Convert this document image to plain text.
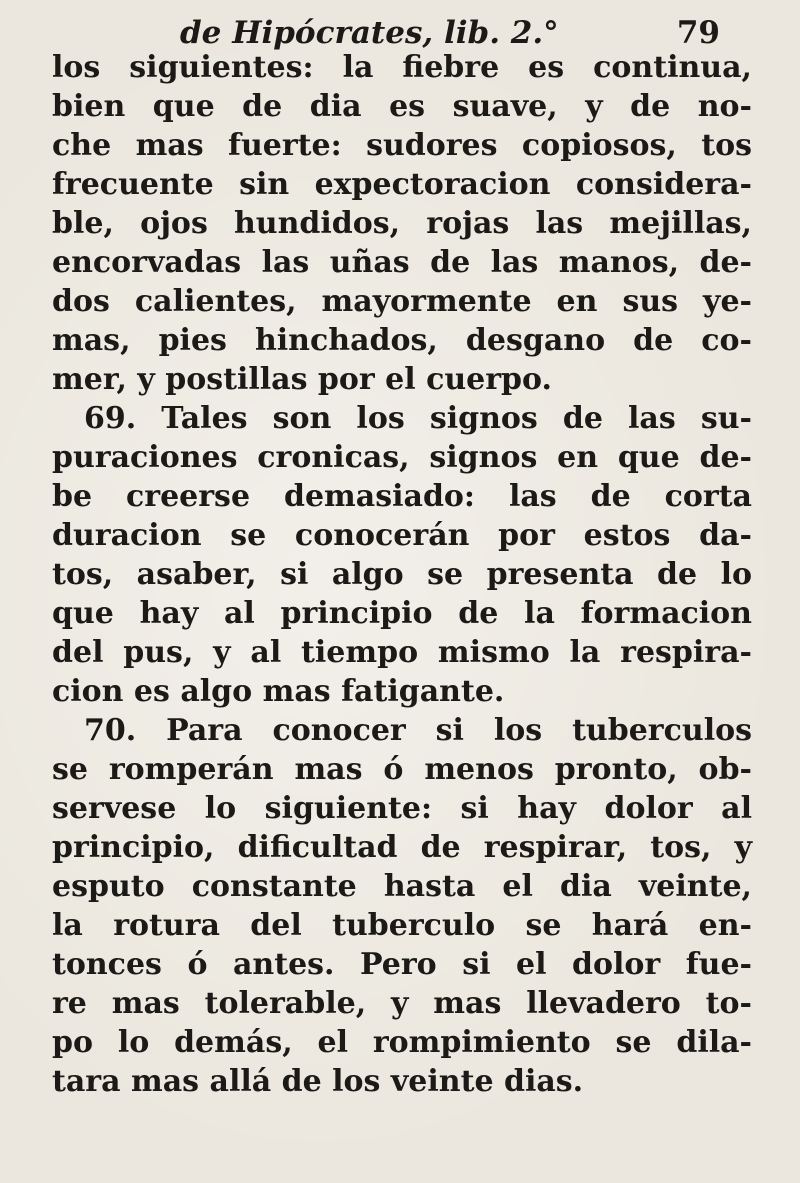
de Hipócrates, lib. 2.°	79
los siguientes: la fiebre es continua,
bien que de dia es suave, y de no-
che mas fuerte: sudores copiosos, tos
frecuente sin expectoracion considera-
ble, ojos hundidos, rojas las mejillas,
encorvadas las uñas de las manos, de-
dos calientes, mayormente en sus ye-
mas, pies hinchados, desgano de co-
mer, y postillas por el cuerpo.
69. Tales son los signos de las su-
puraciones cronicas, signos en que de-
be creerse demasiado: las de corta
duracion se conocerán por estos da-
tos, asaber, si algo se presenta de lo
que hay al principio de la formacion
del pus, y al tiempo mismo la respira-
cion es algo mas fatigante.
70. Para conocer si los tuberculos
se romperán mas ó menos pronto, ob-
servese lo siguiente: si hay dolor al
principio, dificultad de respirar, tos, y
esputo constante hasta el dia veinte,
la rotura del tuberculo se hará en-
tonces ó antes. Pero si el dolor fue-
re mas tolerable, y mas llevadero to-
po lo demás, el rompimiento se dila-
tara mas allá de los veinte dias.
